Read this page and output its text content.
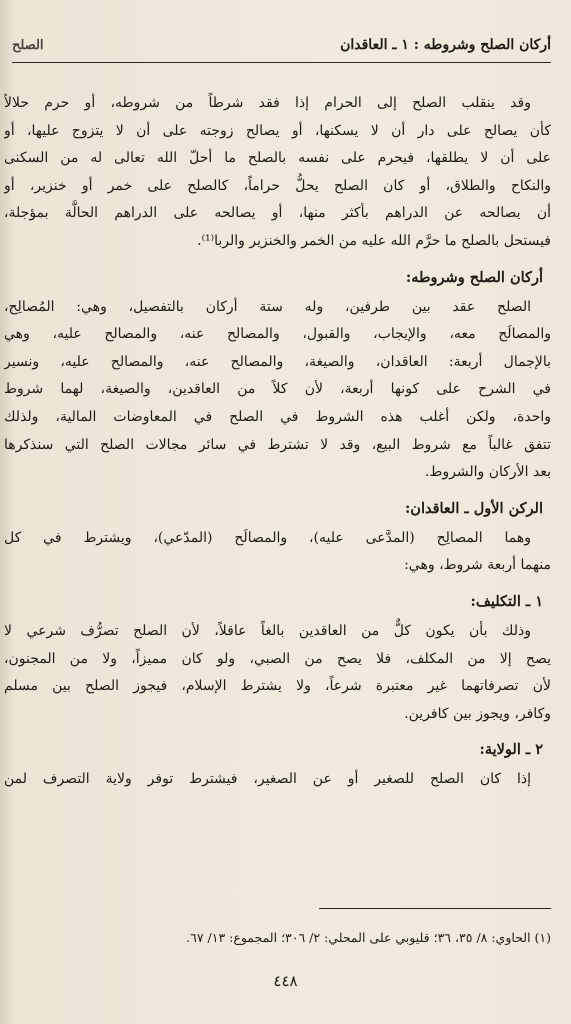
أركان الصلح وشروطه : ١ ـ العاقدان
الصلح
وقد ينقلب الصلح إلى الحرام إذا فقد شرطاً من شروطه، أو حرم حلالاً
كأن يصالح على دار أن لا يسكنها، أو يصالح زوجته على أن لا يتزوج عليها، أو
على أن لا يطلقها، فيحرم على نفسه بالصلح ما أحلّ الله تعالى له من السكنى
والنكاح والطلاق، أو كان الصلح يحلُّ حراماً، كالصلح على خمر أو خنزير، أو
أن يصالحه عن الدراهم بأكثر منها، أو يصالحه على الدراهم الحالَّة بمؤجلة،
فيستحل بالصلح ما حرَّم الله عليه من الخمر والخنزير والربا⁽¹⁾.
أركان الصلح وشروطه:
الصلح عقد بين طرفين، وله ستة أركان بالتفصيل، وهي: المُصالِح،
والمصالَح معه، والإيجاب، والقبول، والمصالح عنه، والمصالح عليه، وهي
بالإجمال أربعة: العاقدان، والصيغة، والمصالح عنه، والمصالح عليه، ونسير
في الشرح على كونها أربعة، لأن كلاً من العاقدين، والصيغة، لهما شروط
واحدة، ولكن أغلب هذه الشروط في الصلح في المعاوضات المالية، ولذلك
تتفق غالباً مع شروط البيع، وقد لا تشترط في سائر مجالات الصلح التي سنذكرها
بعد الأركان والشروط.
الركن الأول ـ العاقدان:
وهما المصالِح (المدَّعى عليه)، والمصالَح (المدّعي)، ويشترط في كل
منهما أربعة شروط، وهي:
١ ـ التكليف:
وذلك بأن يكون كلٌّ من العاقدين بالغاً عاقلاً، لأن الصلح تصرُّف شرعي لا
يصح إلا من المكلف، فلا يصح من الصبي، ولو كان مميزاً، ولا من المجنون،
لأن تصرفاتهما غير معتبرة شرعاً، ولا يشترط الإسلام، فيجوز الصلح بين مسلم
وكافر، ويجوز بين كافرين.
٢ ـ الولاية:
إذا كان الصلح للصغير أو عن الصغير، فيشترط توفر ولاية التصرف لمن
(١) الحاوي: ٨/ ٣٥، ٣٦؛ قليوبي على المحلي: ٢/ ٣٠٦؛ المجموع: ١٣/ ٦٧.
٤٤٨
